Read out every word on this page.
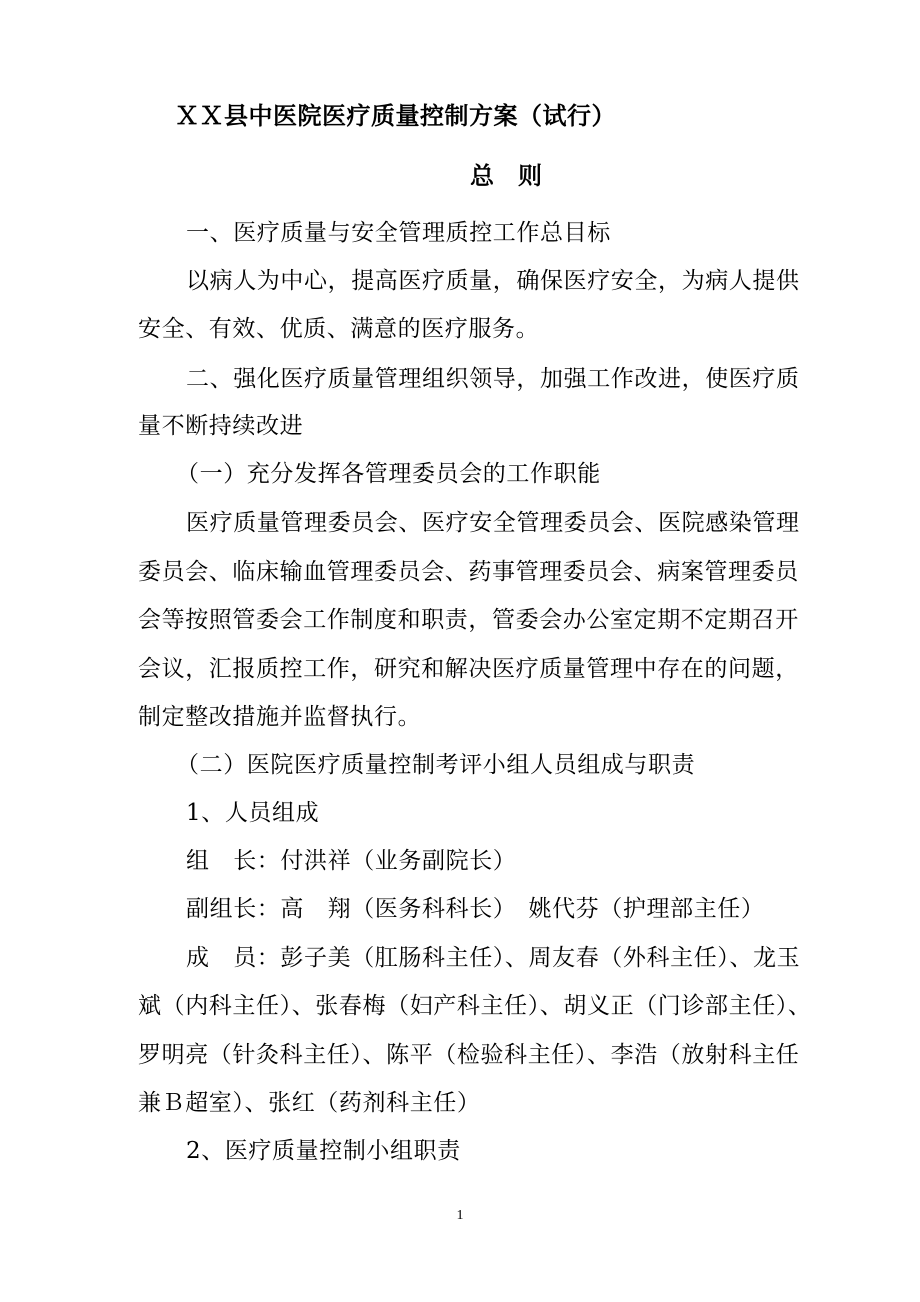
ＸＸ县中医院医疗质量控制方案（试行）
总则
一、医疗质量与安全管理质控工作总目标
以病人为中心，提高医疗质量，确保医疗安全，为病人提供
安全、有效、优质、满意的医疗服务。
二、强化医疗质量管理组织领导，加强工作改进，使医疗质
量不断持续改进
（一）充分发挥各管理委员会的工作职能
医疗质量管理委员会、医疗安全管理委员会、医院感染管理
委员会、临床输血管理委员会、药事管理委员会、病案管理委员
会等按照管委会工作制度和职责，管委会办公室定期不定期召开
会议，汇报质控工作，研究和解决医疗质量管理中存在的问题，
制定整改措施并监督执行。
（二）医院医疗质量控制考评小组人员组成与职责
1、人员组成
组　长：付洪祥（业务副院长）
副组长：高　翔（医务科科长）　姚代芬（护理部主任）
成　员：彭子美（肛肠科主任）、周友春（外科主任）、龙玉
斌（内科主任）、张春梅（妇产科主任）、胡义正（门诊部主任）、
罗明亮（针灸科主任）、陈平（检验科主任）、李浩（放射科主任
兼Ｂ超室）、张红（药剂科主任）
2、医疗质量控制小组职责
1
